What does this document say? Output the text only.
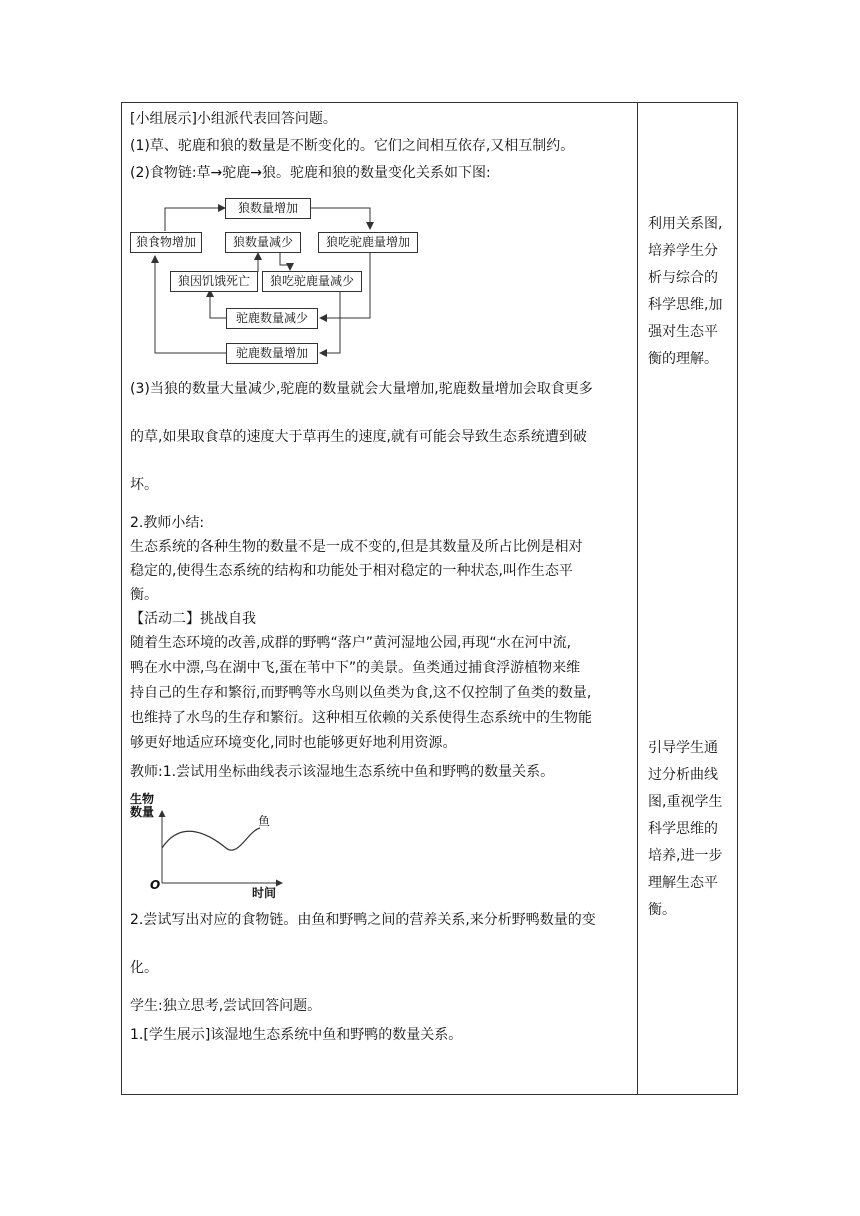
[小组展示]小组派代表回答问题。
(1)草、驼鹿和狼的数量是不断变化的。它们之间相互依存,又相互制约。
(2)食物链:草→驼鹿→狼。驼鹿和狼的数量变化关系如下图:
狼数量增加
狼食物增加	狼数量减少	狼吃驼鹿量增加
狼因饥饿死亡	狼吃驼鹿量减少
驼鹿数量减少
驼鹿数量增加
(3)当狼的数量大量减少,驼鹿的数量就会大量增加,驼鹿数量增加会取食更多
的草,如果取食草的速度大于草再生的速度,就有可能会导致生态系统遭到破
坏。
2.教师小结:
生态系统的各种生物的数量不是一成不变的,但是其数量及所占比例是相对
稳定的,使得生态系统的结构和功能处于相对稳定的一种状态,叫作生态平
衡。
【活动二】挑战自我
随着生态环境的改善,成群的野鸭“落户”黄河湿地公园,再现“水在河中流,
鸭在水中漂,鸟在湖中飞,蛋在苇中下”的美景。鱼类通过捕食浮游植物来维
持自己的生存和繁衍,而野鸭等水鸟则以鱼类为食,这不仅控制了鱼类的数量,
也维持了水鸟的生存和繁衍。这种相互依赖的关系使得生态系统中的生物能
够更好地适应环境变化,同时也能够更好地利用资源。
教师:1.尝试用坐标曲线表示该湿地生态系统中鱼和野鸭的数量关系。
生物
数量
鱼
O
时间
2.尝试写出对应的食物链。由鱼和野鸭之间的营养关系,来分析野鸭数量的变
化。
学生:独立思考,尝试回答问题。
1.[学生展示]该湿地生态系统中鱼和野鸭的数量关系。
利用关系图,
培养学生分
析与综合的
科学思维,加
强对生态平
衡的理解。
引导学生通
过分析曲线
图,重视学生
科学思维的
培养,进一步
理解生态平
衡。
